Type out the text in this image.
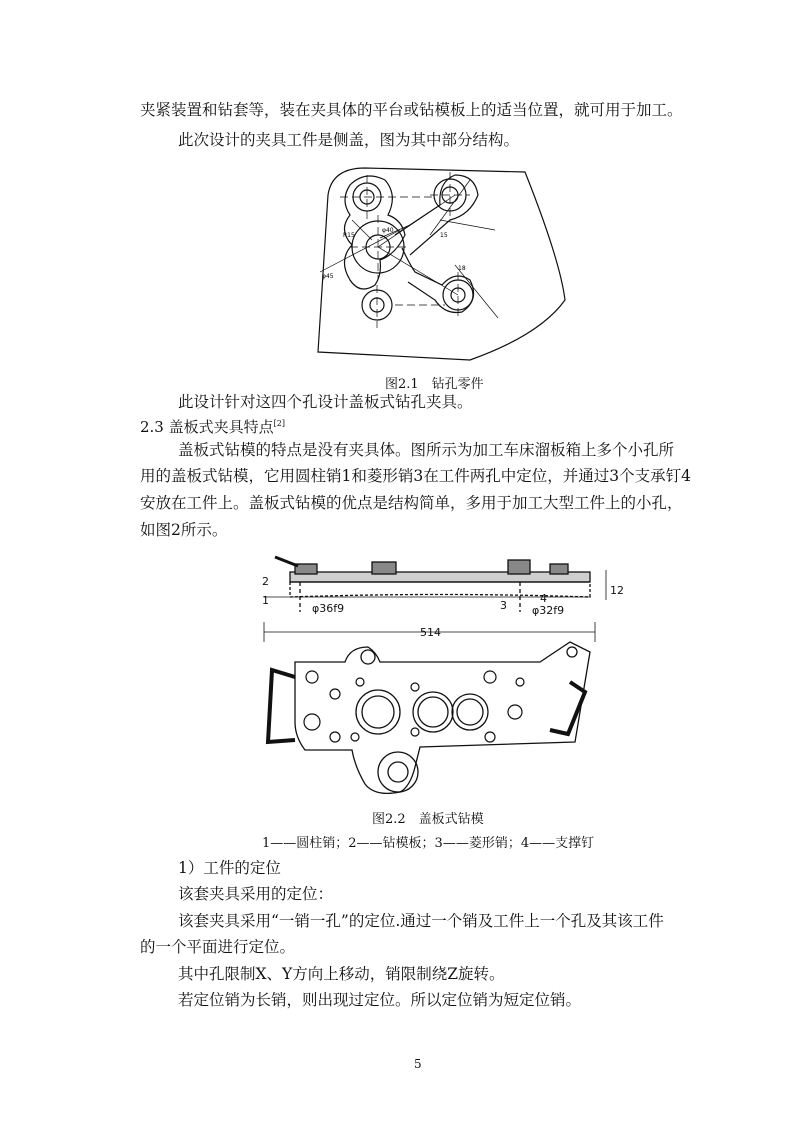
夹紧装置和钻套等，装在夹具体的平台或钻模板上的适当位置，就可用于加工。
此次设计的夹具工件是侧盖，图为其中部分结构。
φ45
R15
φ40
15
18
图2.1　钻孔零件
此设计针对这四个孔设计盖板式钻孔夹具。
2.3 盖板式夹具特点[2]
盖板式钻模的特点是没有夹具体。图所示为加工车床溜板箱上多个小孔所
用的盖板式钻模，它用圆柱销1和菱形销3在工件两孔中定位，并通过3个支承钉4
安放在工件上。盖板式钻模的优点是结构简单，多用于加工大型工件上的小孔，
如图2所示。
2
1
φ36f9	3
4
φ32f9
514
12
图2.2　盖板式钻模
1——圆柱销；2——钻模板；3——菱形销；4——支撑钉
1）工件的定位
该套夹具采用的定位：
该套夹具采用“一销一孔”的定位.通过一个销及工件上一个孔及其该工件
的一个平面进行定位。
其中孔限制X、Y方向上移动，销限制绕Z旋转。
若定位销为长销，则出现过定位。所以定位销为短定位销。
5
